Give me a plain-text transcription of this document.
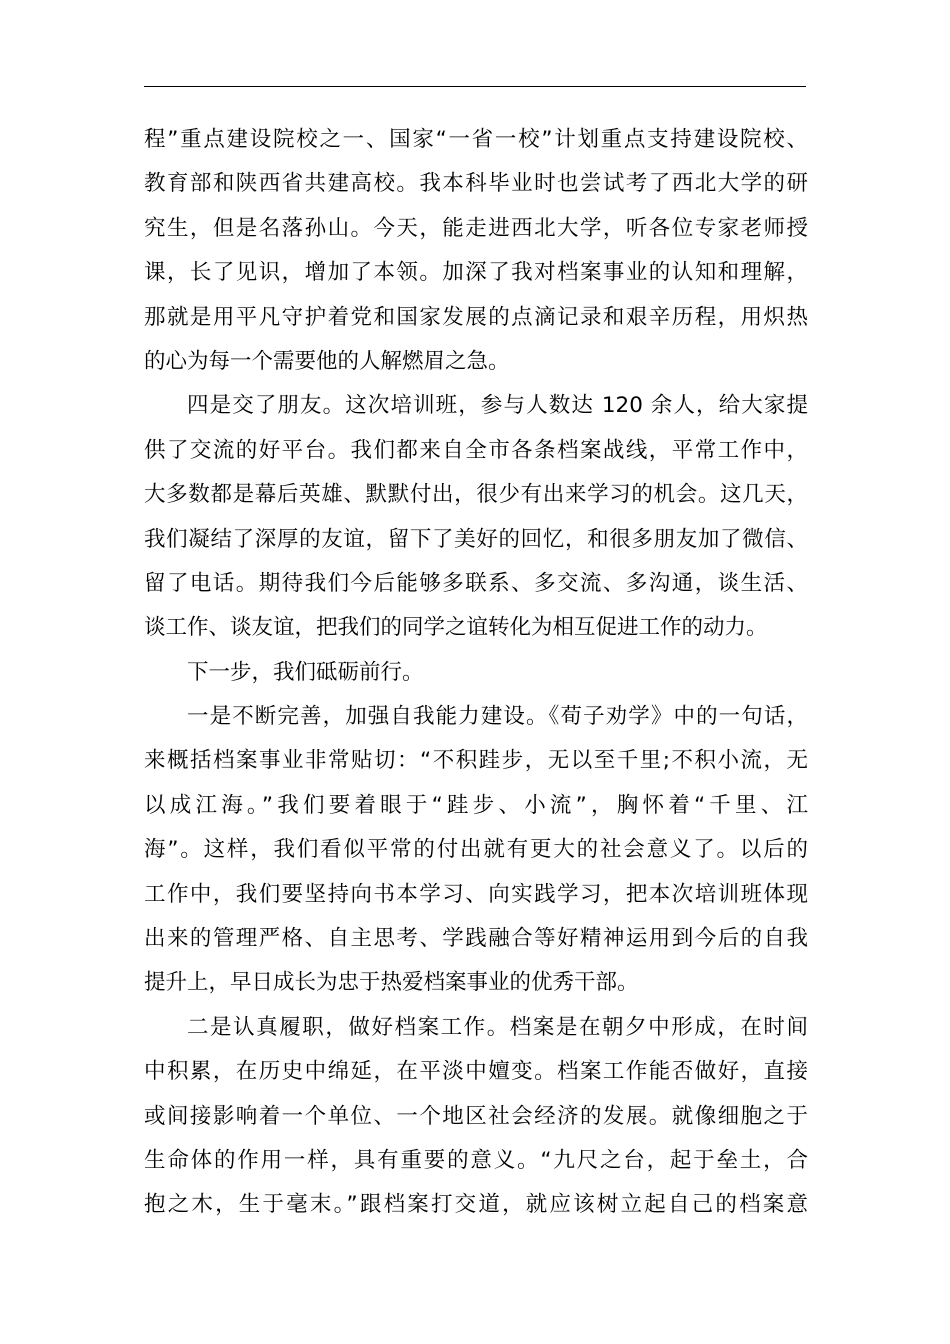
程”重点建设院校之一、国家“一省一校”计划重点支持建设院校、
教育部和陕西省共建高校。我本科毕业时也尝试考了西北大学的研
究生，但是名落孙山。今天，能走进西北大学，听各位专家老师授
课，长了见识，增加了本领。加深了我对档案事业的认知和理解，
那就是用平凡守护着党和国家发展的点滴记录和艰辛历程，用炽热
的心为每一个需要他的人解燃眉之急。
四是交了朋友。这次培训班，参与人数达 120 余人，给大家提
供了交流的好平台。我们都来自全市各条档案战线，平常工作中，
大多数都是幕后英雄、默默付出，很少有出来学习的机会。这几天，
我们凝结了深厚的友谊，留下了美好的回忆，和很多朋友加了微信、
留了电话。期待我们今后能够多联系、多交流、多沟通，谈生活、
谈工作、谈友谊，把我们的同学之谊转化为相互促进工作的动力。
下一步，我们砥砺前行。
一是不断完善，加强自我能力建设。《荀子劝学》中的一句话，
来概括档案事业非常贴切：“不积跬步，无以至千里;不积小流，无
以成江海。”我们要着眼于“跬步、小流”，胸怀着“千里、江
海”。这样，我们看似平常的付出就有更大的社会意义了。以后的
工作中，我们要坚持向书本学习、向实践学习，把本次培训班体现
出来的管理严格、自主思考、学践融合等好精神运用到今后的自我
提升上，早日成长为忠于热爱档案事业的优秀干部。
二是认真履职，做好档案工作。档案是在朝夕中形成，在时间
中积累，在历史中绵延，在平淡中嬗变。档案工作能否做好，直接
或间接影响着一个单位、一个地区社会经济的发展。就像细胞之于
生命体的作用一样，具有重要的意义。“九尺之台，起于垒土，合
抱之木，生于毫末。”跟档案打交道，就应该树立起自己的档案意
